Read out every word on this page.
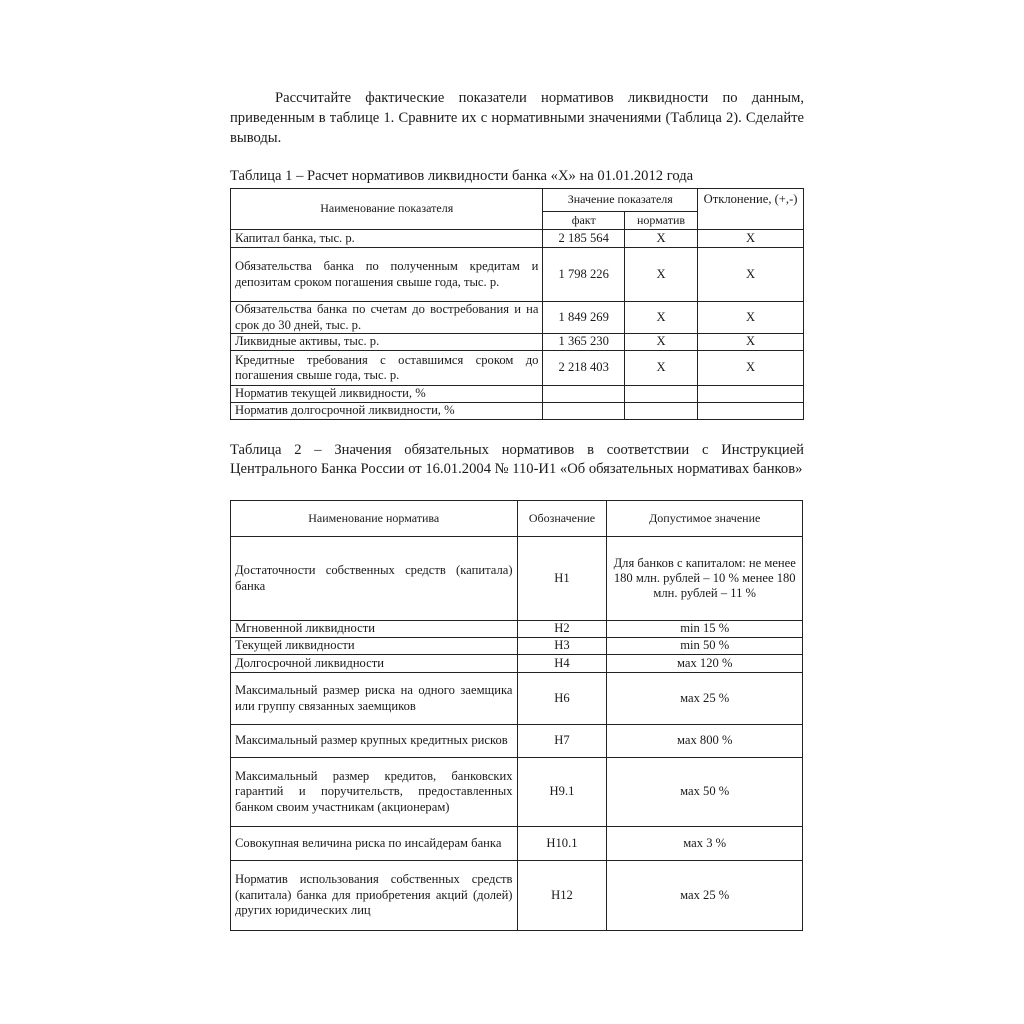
Рассчитайте фактические показатели нормативов ликвидности по данным, приведенным в таблице 1. Сравните их с нормативными значениями (Таблица 2). Сделайте выводы.

Таблица 1 – Расчет нормативов ликвидности банка «Х» на 01.01.2012 года

Наименование показателя	Значение показателя		Отклонение, (+,-)
	факт	норматив	
Капитал банка, тыс. р.	2 185 564	Х	Х
Обязательства банка по полученным кредитам и депозитам сроком погашения свыше года, тыс. р.	1 798 226	Х	Х
Обязательства банка по счетам до востребования и на срок до 30 дней, тыс. р.	1 849 269	Х	Х
Ликвидные активы, тыс. р.	1 365 230	Х	Х
Кредитные требования с оставшимся сроком до погашения свыше года, тыс. р.	2 218 403	Х	Х
Норматив текущей ликвидности, %			
Норматив долгосрочной ликвидности, %			

Таблица 2 – Значения обязательных нормативов в соответствии с Инструкцией Центрального Банка России от 16.01.2004 № 110-И1 «Об обязательных нормативах банков»

Наименование норматива	Обозначение	Допустимое значение
Достаточности собственных средств (капитала) банка	Н1	Для банков с капиталом: не менее 180 млн. рублей – 10 % менее 180 млн. рублей – 11 %
Мгновенной ликвидности	Н2	min 15 %
Текущей ликвидности	Н3	min 50 %
Долгосрочной ликвидности	Н4	мах 120 %
Максимальный размер риска на одного заемщика или группу связанных заемщиков	Н6	мах 25 %
Максимальный размер крупных кредитных рисков	Н7	мах 800 %
Максимальный размер кредитов, банковских гарантий и поручительств, предоставленных банком своим участникам (акционерам)	Н9.1	мах 50 %
Совокупная величина риска по инсайдерам банка	Н10.1	мах 3 %
Норматив использования собственных средств (капитала) банка для приобретения акций (долей) других юридических лиц	Н12	мах 25 %
